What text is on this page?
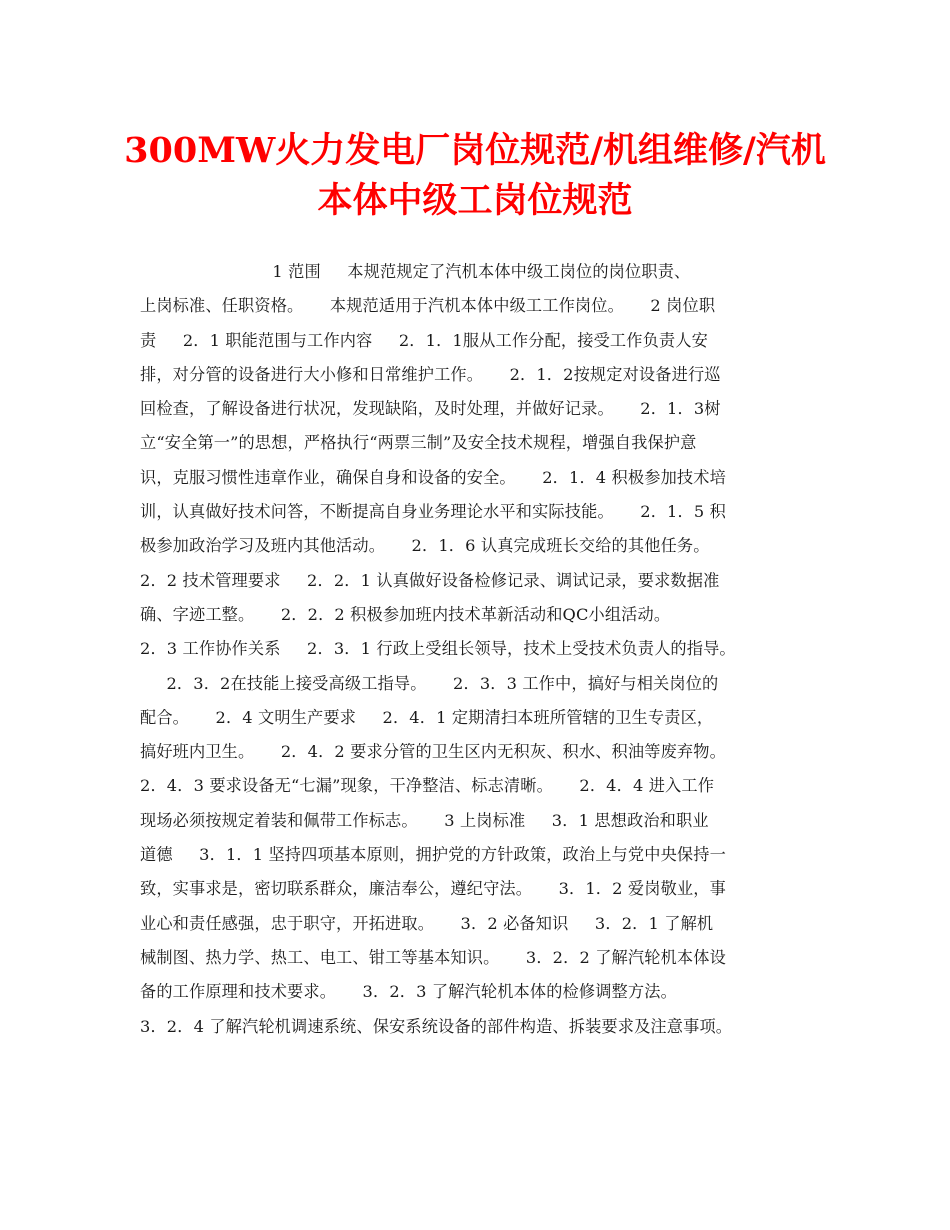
300MW火力发电厂岗位规范/机组维修/汽机
本体中级工岗位规范
1 范围     本规范规定了汽机本体中级工岗位的岗位职责、
上岗标准、任职资格。     本规范适用于汽机本体中级工工作岗位。     2 岗位职
责     2．1 职能范围与工作内容     2．1．1服从工作分配，接受工作负责人安
排，对分管的设备进行大小修和日常维护工作。     2．1．2按规定对设备进行巡
回检查，了解设备进行状况，发现缺陷，及时处理，并做好记录。     2．1．3树
立“安全第一”的思想，严格执行“两票三制”及安全技术规程，增强自我保护意
识，克服习惯性违章作业，确保自身和设备的安全。     2．1．4 积极参加技术培
训，认真做好技术问答，不断提高自身业务理论水平和实际技能。     2．1．5 积
极参加政治学习及班内其他活动。     2．1．6 认真完成班长交给的其他任务。
2．2 技术管理要求     2．2．1 认真做好设备检修记录、调试记录，要求数据准
确、字迹工整。     2．2．2 积极参加班内技术革新活动和QC小组活动。
2．3 工作协作关系     2．3．1 行政上受组长领导，技术上受技术负责人的指导。
2．3．2在技能上接受高级工指导。     2．3．3 工作中，搞好与相关岗位的
配合。     2．4 文明生产要求     2．4．1 定期清扫本班所管辖的卫生专责区，
搞好班内卫生。     2．4．2 要求分管的卫生区内无积灰、积水、积油等废弃物。
2．4．3 要求设备无“七漏”现象，干净整洁、标志清晰。     2．4．4 进入工作
现场必须按规定着装和佩带工作标志。     3 上岗标准     3．1 思想政治和职业
道德     3．1．1 坚持四项基本原则，拥护党的方针政策，政治上与党中央保持一
致，实事求是，密切联系群众，廉洁奉公，遵纪守法。     3．1．2 爱岗敬业，事
业心和责任感强，忠于职守，开拓进取。     3．2 必备知识     3．2．1 了解机
械制图、热力学、热工、电工、钳工等基本知识。     3．2．2 了解汽轮机本体设
备的工作原理和技术要求。     3．2．3 了解汽轮机本体的检修调整方法。
3．2．4 了解汽轮机调速系统、保安系统设备的部件构造、拆装要求及注意事项。
